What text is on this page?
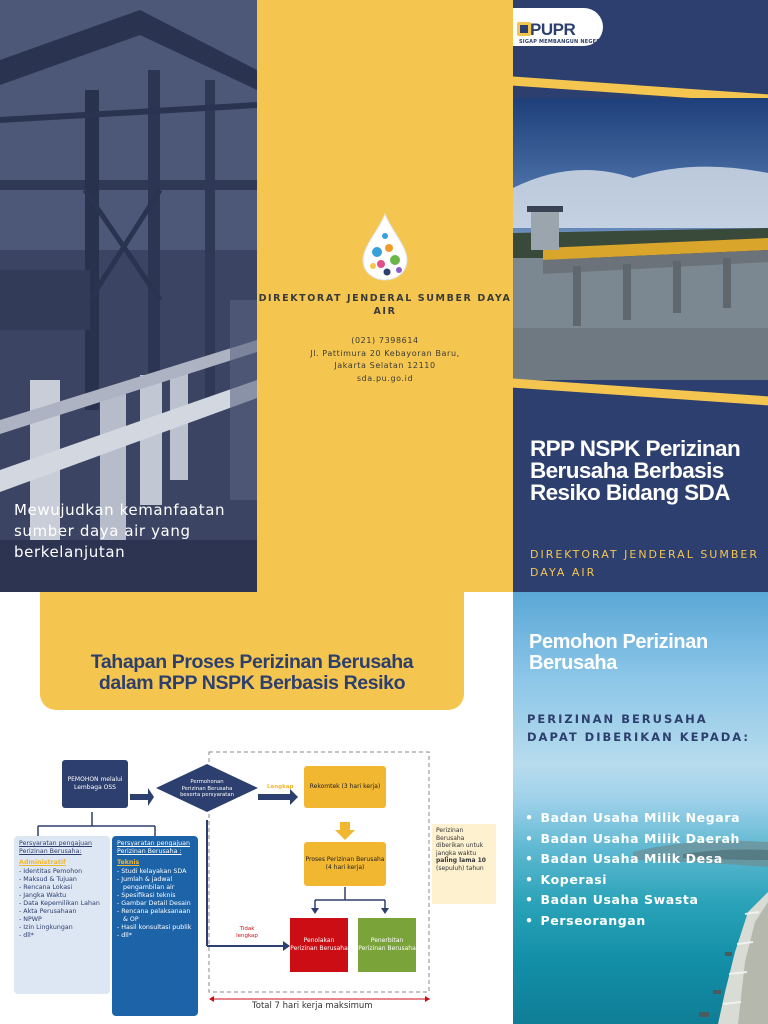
Mewujudkan kemanfaatan sumber daya air yang berkelanjutan
DIREKTORAT JENDERAL SUMBER DAYA AIR
(021) 7398614
Jl. Pattimura 20 Kebayoran Baru,
Jakarta Selatan 12110
sda.pu.go.id
PUPR
SIGAP MEMBANGUN NEGERI
RPP NSPK Perizinan Berusaha Berbasis Resiko Bidang SDA
DIREKTORAT JENDERAL SUMBER DAYA AIR
Tahapan Proses Perizinan Berusaha
dalam RPP NSPK Berbasis Resiko
PEMOHON melalui Lembaga OSS
Permohonan Perizinan Berusaha beserta persyaratan
Lengkap	Rekomtek (3 hari kerja)
Proses Perizinan Berusaha (4 hari kerja)
Tidak lengkap
Penolakan Perizinan Berusaha
Penerbitan Perizinan Berusaha
Perizinan Berusaha diberikan untuk jangka waktu paling lama 10 (sepuluh) tahun
Persyaratan pengajuan Perizinan Berusaha:
Administratif
- Identitas Pemohon
- Maksud & Tujuan
- Rencana Lokasi
- Jangka Waktu
- Data Kepemilikan Lahan
- Akta Perusahaan
- NPWP
- Izin Lingkungan
- dll*
Persyaratan pengajuan Perizinan Berusaha :
Teknis
- Studi kelayakan SDA
- Jumlah & jadwal pengambilan air
- Spesifikasi teknis
- Gambar Detail Desain
- Rencana pelaksanaan & OP
- Hasil konsultasi publik
- dll*
Total 7 hari kerja maksimum
Pemohon Perizinan Berusaha
PERIZINAN BERUSAHA DAPAT DIBERIKAN KEPADA:
• Badan Usaha Milik Negara
• Badan Usaha Milik Daerah
• Badan Usaha Milik Desa
• Koperasi
• Badan Usaha Swasta
• Perseorangan
